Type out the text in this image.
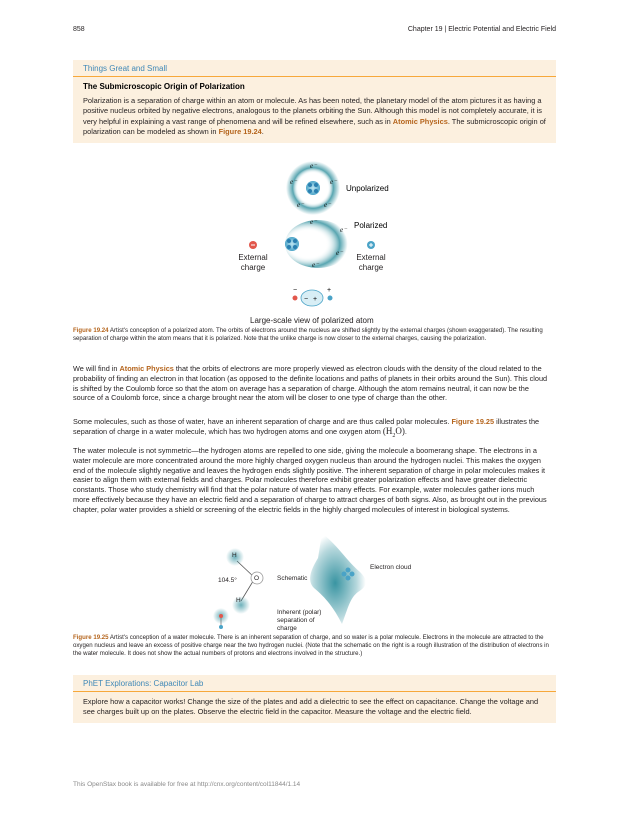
858	Chapter 19 | Electric Potential and Electric Field
Things Great and Small
The Submicroscopic Origin of Polarization

Polarization is a separation of charge within an atom or molecule. As has been noted, the planetary model of the atom pictures it as having a positive nucleus orbited by negative electrons, analogous to the planets orbiting the Sun. Although this model is not completely accurate, it is very helpful in explaining a vast range of phenomena and will be refined elsewhere, such as in Atomic Physics. The submicroscopic origin of polarization can be modeled as shown in Figure 19.24.

e⁻
e⁻	e⁻
e⁻	e⁻
Unpolarized
e⁻
e⁻
e⁻
e⁻
Polarized
−	+
− +
External charge
External charge
Large-scale view of polarized atom

Figure 19.24 Artist's conception of a polarized atom. The orbits of electrons around the nucleus are shifted slightly by the external charges (shown exaggerated). The resulting separation of charge within the atom means that it is polarized. Note that the unlike charge is now closer to the external charges, causing the polarization.

We will find in Atomic Physics that the orbits of electrons are more properly viewed as electron clouds with the density of the cloud related to the probability of finding an electron in that location (as opposed to the definite locations and paths of planets in their orbits around the Sun). This cloud is shifted by the Coulomb force so that the atom on average has a separation of charge. Although the atom remains neutral, it can now be the source of a Coulomb force, since a charge brought near the atom will be closer to one type of charge than the other.

Some molecules, such as those of water, have an inherent separation of charge and are thus called polar molecules. Figure 19.25 illustrates the separation of charge in a water molecule, which has two hydrogen atoms and one oxygen atom $(H_2O)$.

The water molecule is not symmetric—the hydrogen atoms are repelled to one side, giving the molecule a boomerang shape. The electrons in a water molecule are more concentrated around the more highly charged oxygen nucleus than around the hydrogen nuclei. This makes the oxygen end of the molecule slightly negative and leaves the hydrogen ends slightly positive. The inherent separation of charge in polar molecules makes it easier to align them with external fields and charges. Polar molecules therefore exhibit greater polarization effects and have greater dielectric constants. Those who study chemistry will find that the polar nature of water has many effects. For example, water molecules gather ions much more effectively because they have an electric field and a separation of charge to attract charges of both signs. Also, as brought out in the previous chapter, polar water provides a shield or screening of the electric fields in the highly charged molecules of interest in biological systems.

H
O
H
104.5°	Schematic
Electron cloud
Inherent (polar) separation of charge

Figure 19.25 Artist's conception of a water molecule. There is an inherent separation of charge, and so water is a polar molecule. Electrons in the molecule are attracted to the oxygen nucleus and leave an excess of positive charge near the two hydrogen nuclei. (Note that the schematic on the right is a rough illustration of the distribution of electrons in the water molecule. It does not show the actual numbers of protons and electrons involved in the structure.)

PhET Explorations: Capacitor Lab

Explore how a capacitor works! Change the size of the plates and add a dielectric to see the effect on capacitance. Change the voltage and see charges built up on the plates. Observe the electric field in the capacitor. Measure the voltage and the electric field.

This OpenStax book is available for free at http://cnx.org/content/col11844/1.14
